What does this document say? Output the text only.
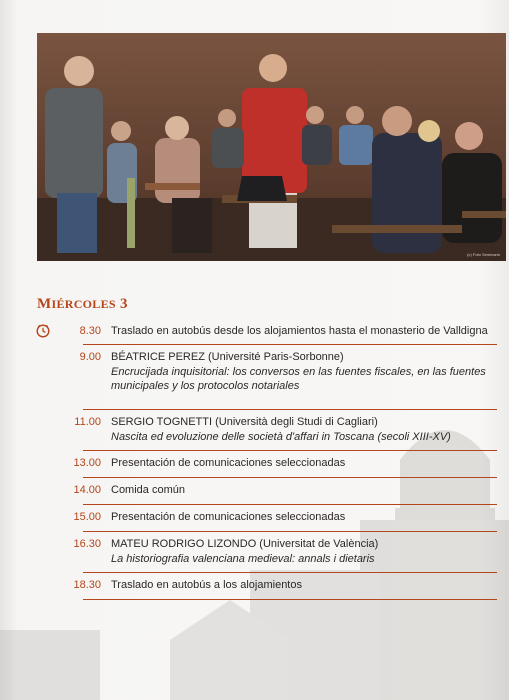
(c) Foto Seminario
MIÉRCOLES 3
8.30 Traslado en autobús desde los alojamientos hasta el monasterio de Valldigna
9.00 BÉATRICE PEREZ (Université Paris-Sorbonne)
Encrucijada inquisitorial: los conversos en las fuentes fiscales, en las fuentes municipales y los protocolos notariales
11.00 SERGIO TOGNETTI (Università degli Studi di Cagliari)
Nascita ed evoluzione delle società d'affari in Toscana (secoli XIII-XV)
13.00 Presentación de comunicaciones seleccionadas
14.00 Comida común
15.00 Presentación de comunicaciones seleccionadas
16.30 MATEU RODRIGO LIZONDO (Universitat de València)
La historiografia valenciana medieval: annals i dietaris
18.30 Traslado en autobús a los alojamientos
